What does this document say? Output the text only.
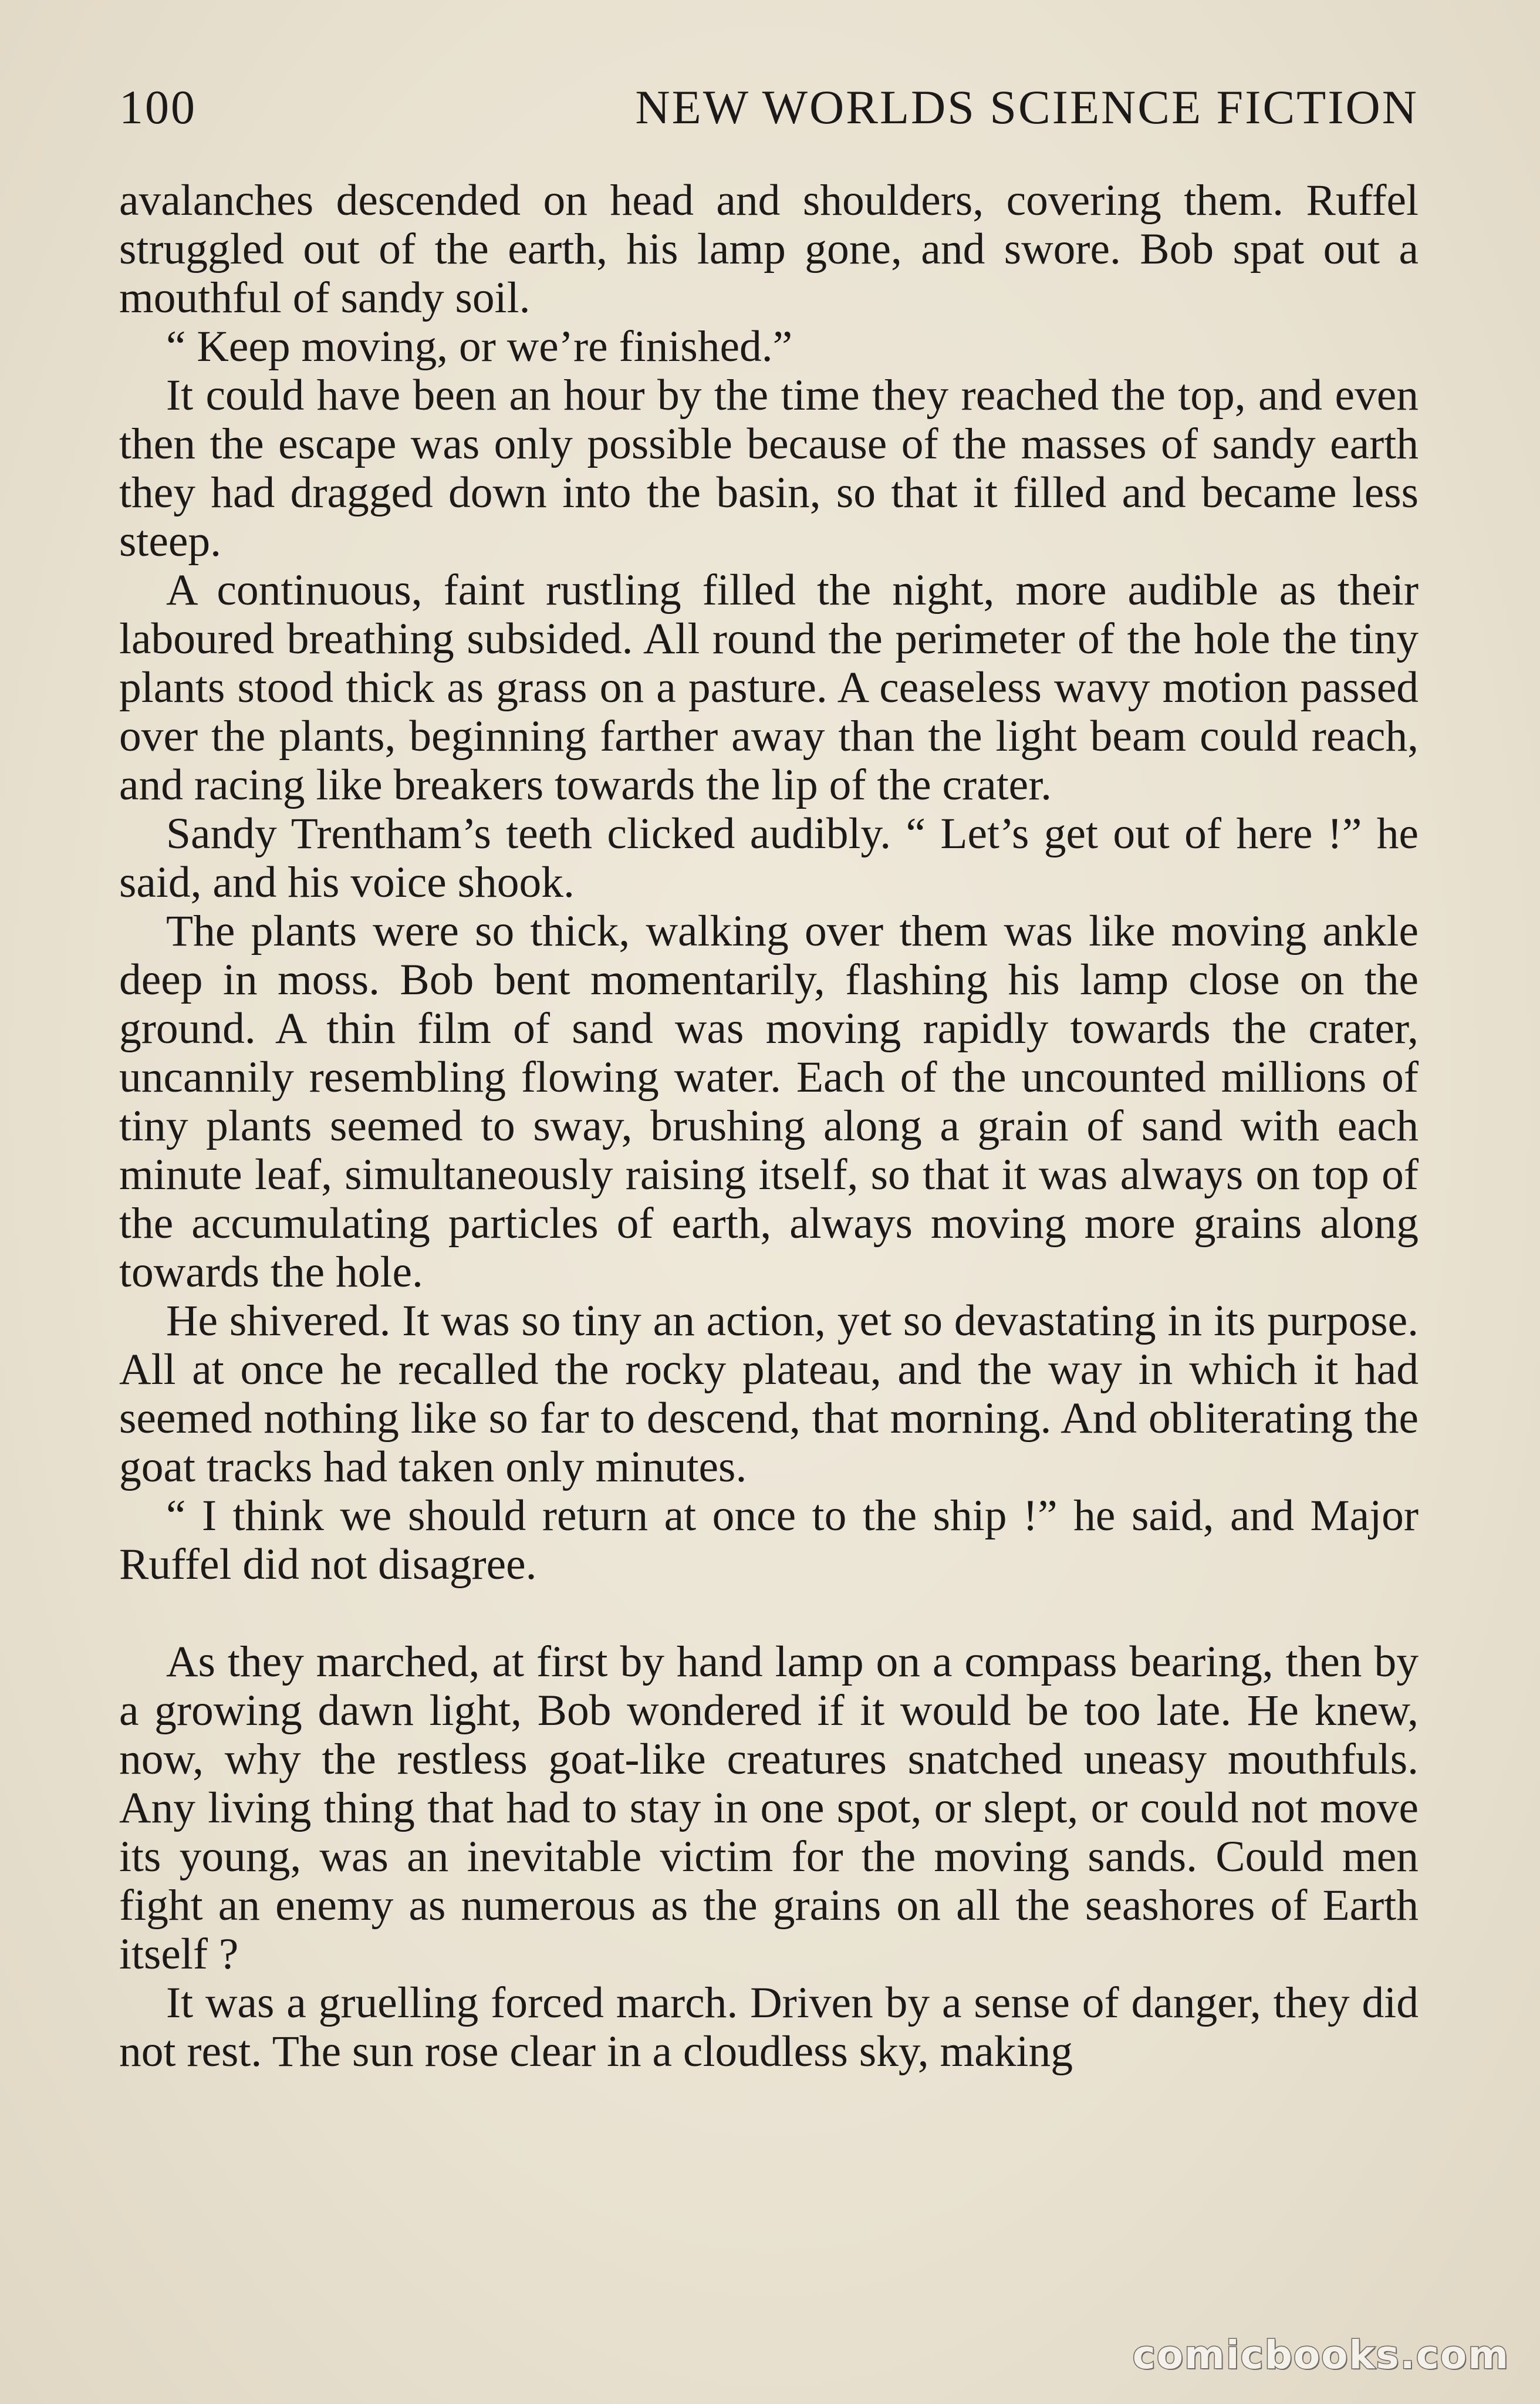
100	NEW WORLDS SCIENCE FICTION

avalanches descended on head and shoulders, covering them. Ruffel struggled out of the earth, his lamp gone, and swore. Bob spat out a mouthful of sandy soil.

“ Keep moving, or we’re finished.”

It could have been an hour by the time they reached the top, and even then the escape was only possible because of the masses of sandy earth they had dragged down into the basin, so that it filled and became less steep.

A continuous, faint rustling filled the night, more audible as their laboured breathing subsided. All round the perimeter of the hole the tiny plants stood thick as grass on a pasture. A ceaseless wavy motion passed over the plants, beginning farther away than the light beam could reach, and racing like breakers towards the lip of the crater.

Sandy Trentham’s teeth clicked audibly. “ Let’s get out of here !” he said, and his voice shook.

The plants were so thick, walking over them was like moving ankle deep in moss. Bob bent momentarily, flashing his lamp close on the ground. A thin film of sand was moving rapidly towards the crater, uncannily resembling flowing water. Each of the uncounted millions of tiny plants seemed to sway, brushing along a grain of sand with each minute leaf, simultaneously raising itself, so that it was always on top of the accumulating particles of earth, always moving more grains along towards the hole.

He shivered. It was so tiny an action, yet so devastating in its purpose. All at once he recalled the rocky plateau, and the way in which it had seemed nothing like so far to descend, that morning. And obliterating the goat tracks had taken only minutes.

“ I think we should return at once to the ship !” he said, and Major Ruffel did not disagree.

As they marched, at first by hand lamp on a compass bearing, then by a growing dawn light, Bob wondered if it would be too late. He knew, now, why the restless goat-like creatures snatched uneasy mouthfuls. Any living thing that had to stay in one spot, or slept, or could not move its young, was an inevitable victim for the moving sands. Could men fight an enemy as numerous as the grains on all the seashores of Earth itself ?

It was a gruelling forced march. Driven by a sense of danger, they did not rest. The sun rose clear in a cloudless sky, making

comicbooks.com
